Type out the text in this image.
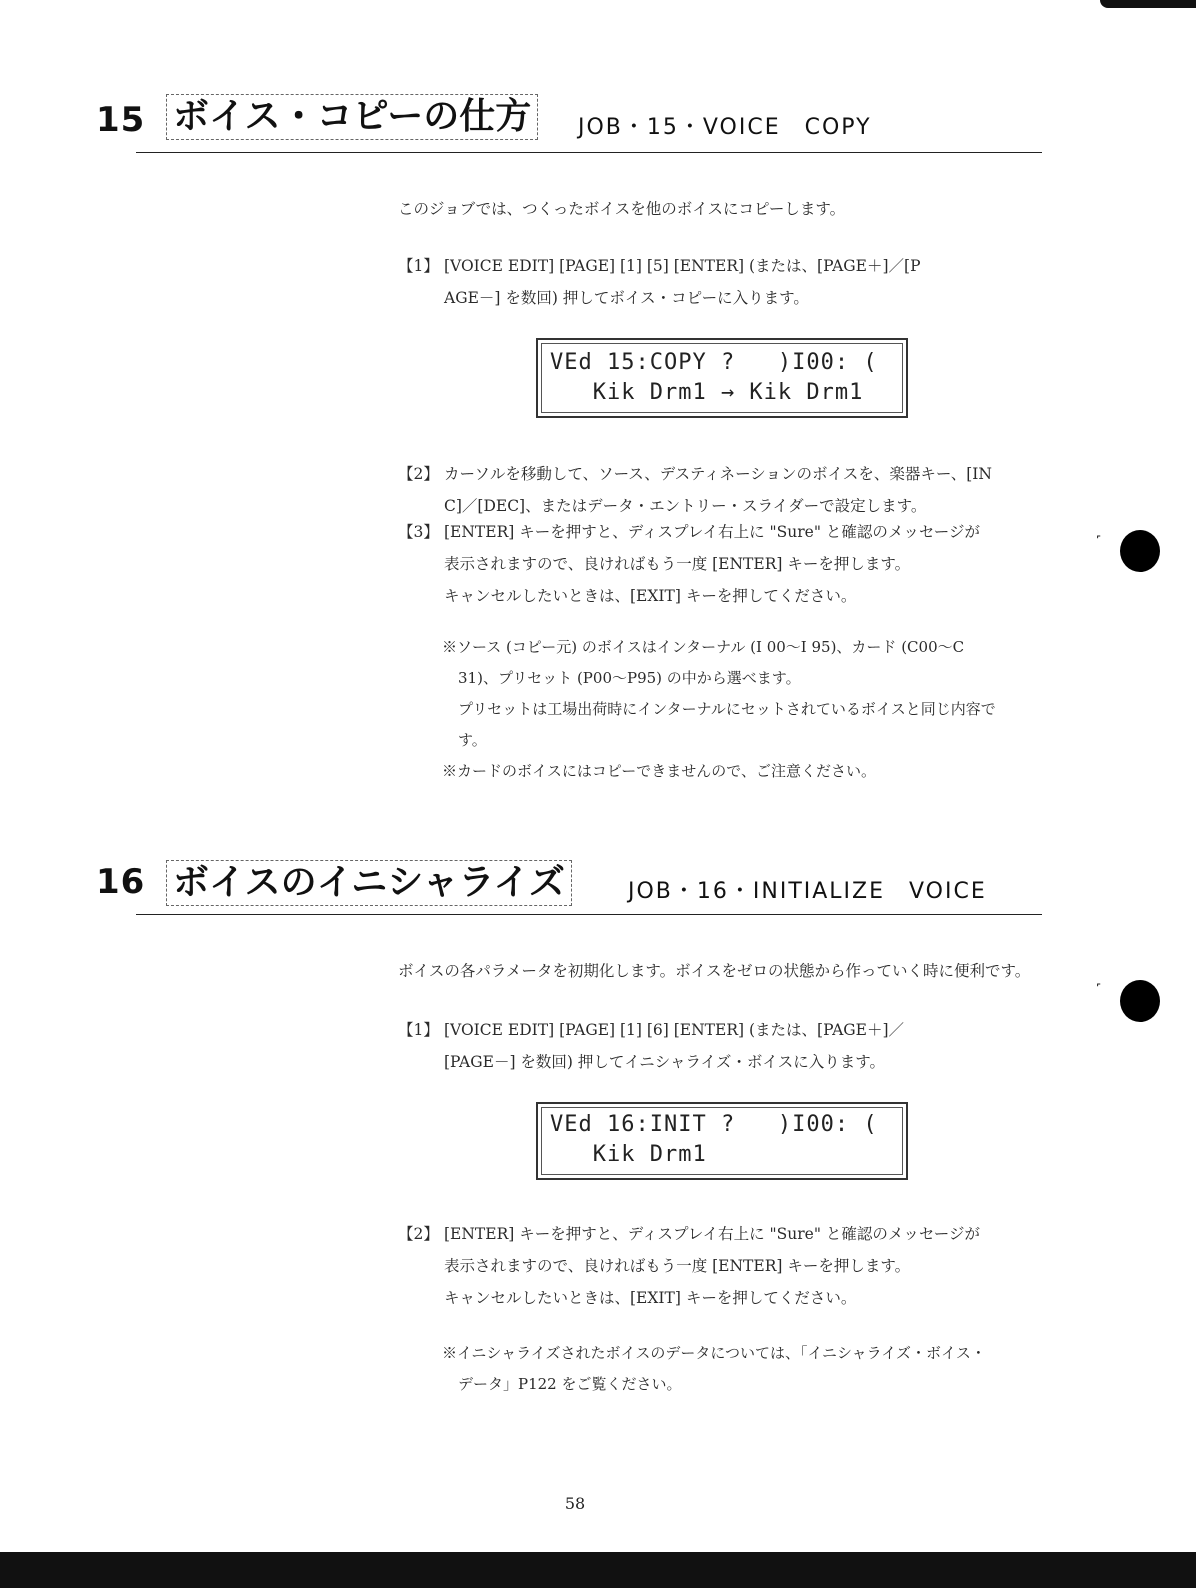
15 ボイス・コピーの仕方	JOB・15・VOICE　COPY
このジョブでは、つくったボイスを他のボイスにコピーします。
【1】 [VOICE EDIT] [PAGE] [1] [5] [ENTER] (または、[PAGE＋]／[P
AGE－] を数回) 押してボイス・コピーに入ります。
VEd 15:COPY ?   )I00: (
Kik Drm1 → Kik Drm1
【2】 カーソルを移動して、ソース、デスティネーションのボイスを、楽器キー、[IN
C]／[DEC]、またはデータ・エントリー・スライダーで設定します。
【3】 [ENTER] キーを押すと、ディスプレイ右上に "Sure" と確認のメッセージが
表示されますので、良ければもう一度 [ENTER] キーを押します。
キャンセルしたいときは、[EXIT] キーを押してください。
※ソース (コピー元) のボイスはインターナル (I 00～I 95)、カード (C00～C
31)、プリセット (P00～P95) の中から選べます。
プリセットは工場出荷時にインターナルにセットされているボイスと同じ内容で
す。
※カードのボイスにはコピーできませんので、ご注意ください。
˹
16 ボイスのイニシャライズ	JOB・16・INITIALIZE　VOICE
ボイスの各パラメータを初期化します。ボイスをゼロの状態から作っていく時に便利です。
˹
【1】 [VOICE EDIT] [PAGE] [1] [6] [ENTER] (または、[PAGE＋]／
[PAGE－] を数回) 押してイニシャライズ・ボイスに入ります。
VEd 16:INIT ?   )I00: (
Kik Drm1
【2】 [ENTER] キーを押すと、ディスプレイ右上に "Sure" と確認のメッセージが
表示されますので、良ければもう一度 [ENTER] キーを押します。
キャンセルしたいときは、[EXIT] キーを押してください。
※イニシャライズされたボイスのデータについては、「イニシャライズ・ボイス・
データ」P122 をご覧ください。
58
